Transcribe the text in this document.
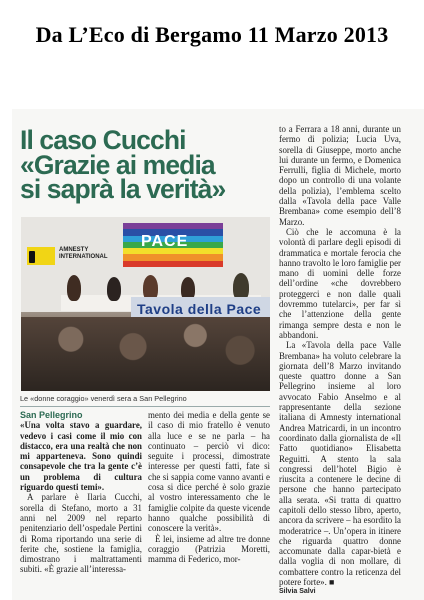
Da L’Eco di Bergamo 11 Marzo 2013
Il caso Cucchi
«Grazie ai media
si saprà la verità»
AMNESTY
INTERNATIONAL
PACE
Tavola della Pace
Le «donne coraggio» venerdì sera a San Pellegrino

San Pellegrino

«Una volta stavo a guardare, vedevo i casi come il mio con distacco, era una realtà che non mi apparteneva. Sono quindi consapevole che tra la gente c’è un problema di cultura riguardo questi temi».

A parlare è Ilaria Cucchi, sorella di Stefano, morto a 31 anni nel 2009 nel reparto penitenziario dell’ospedale Pertini di Roma riportando una serie di ferite che, sostiene la famiglia, dimostrano i maltrattamenti subiti. «È grazie all’interessa-

mento dei media e della gente se il caso di mio fratello è venuto alla luce e se ne parla – ha continuato – perciò vi dico: seguite i processi, dimostrate interesse per questi fatti, fate sì che si sappia come vanno avanti e cosa si dice perché è solo grazie al vostro interessamento che le famiglie colpite da queste vicende hanno qualche possibilità di conoscere la verità».

È lei, insieme ad altre tre donne coraggio (Patrizia Moretti, mamma di Federico, mor-

to a Ferrara a 18 anni, durante un fermo di polizia; Lucia Uva, sorella di Giuseppe, morto anche lui durante un fermo, e Domenica Ferrulli, figlia di Michele, morto dopo un controllo di una volante della polizia), l’emblema scelto dalla «Tavola della pace Valle Brembana» come esempio dell’8 Marzo.

Ciò che le accomuna è la volontà di parlare degli episodi di drammatica e mortale ferocia che hanno travolto le loro famiglie per mano di uomini delle forze dell’ordine «che dovrebbero proteggerci e non dalle quali dovremmo tutelarci», per far sì che l’attenzione della gente rimanga sempre desta e non le abbandoni.

La «Tavola della pace Valle Brembana» ha voluto celebrare la giornata dell’8 Marzo invitando queste quattro donne a San Pellegrino insieme al loro avvocato Fabio Anselmo e al rappresentante della sezione italiana di Amnesty international Andrea Matricardi, in un incontro coordinato dalla giornalista de «Il Fatto quotidiano» Elisabetta Reguitti. A stento la sala congressi dell’hotel Bigio è riuscita a contenere le decine di persone che hanno partecipato alla serata. «Si tratta di quattro capitoli dello stesso libro, aperto, ancora da scrivere – ha esordito la moderatrice –. Un’opera in itinere che riguarda quattro donne accomunate dalla capar-bietà e dalla voglia di non mollare, di combattere contro la reticenza del potere forte». ■

Silvia Salvi
